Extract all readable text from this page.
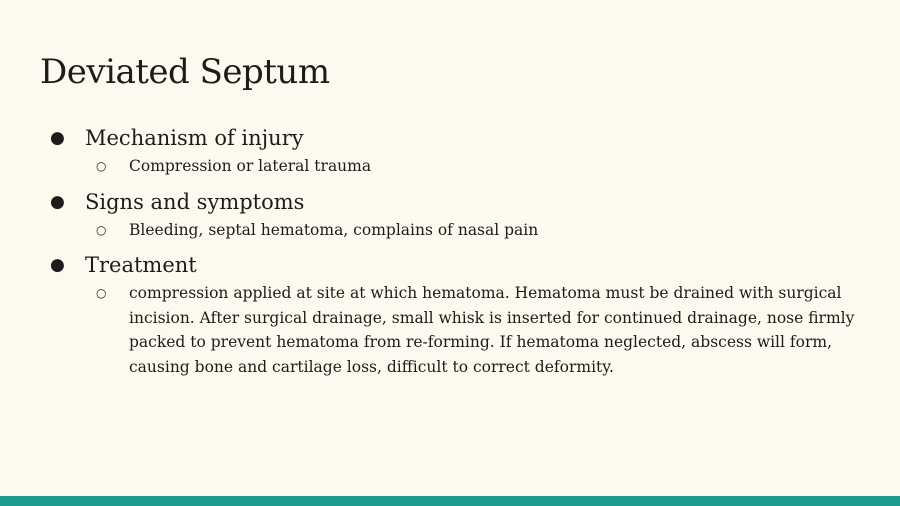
Deviated Septum
● Mechanism of injury
○ Compression or lateral trauma
● Signs and symptoms
○ Bleeding, septal hematoma, complains of nasal pain
● Treatment
○ compression applied at site at which hematoma. Hematoma must be drained with surgical incision. After surgical drainage, small whisk is inserted for continued drainage, nose firmly packed to prevent hematoma from re-forming. If hematoma neglected, abscess will form, causing bone and cartilage loss, difficult to correct deformity.
